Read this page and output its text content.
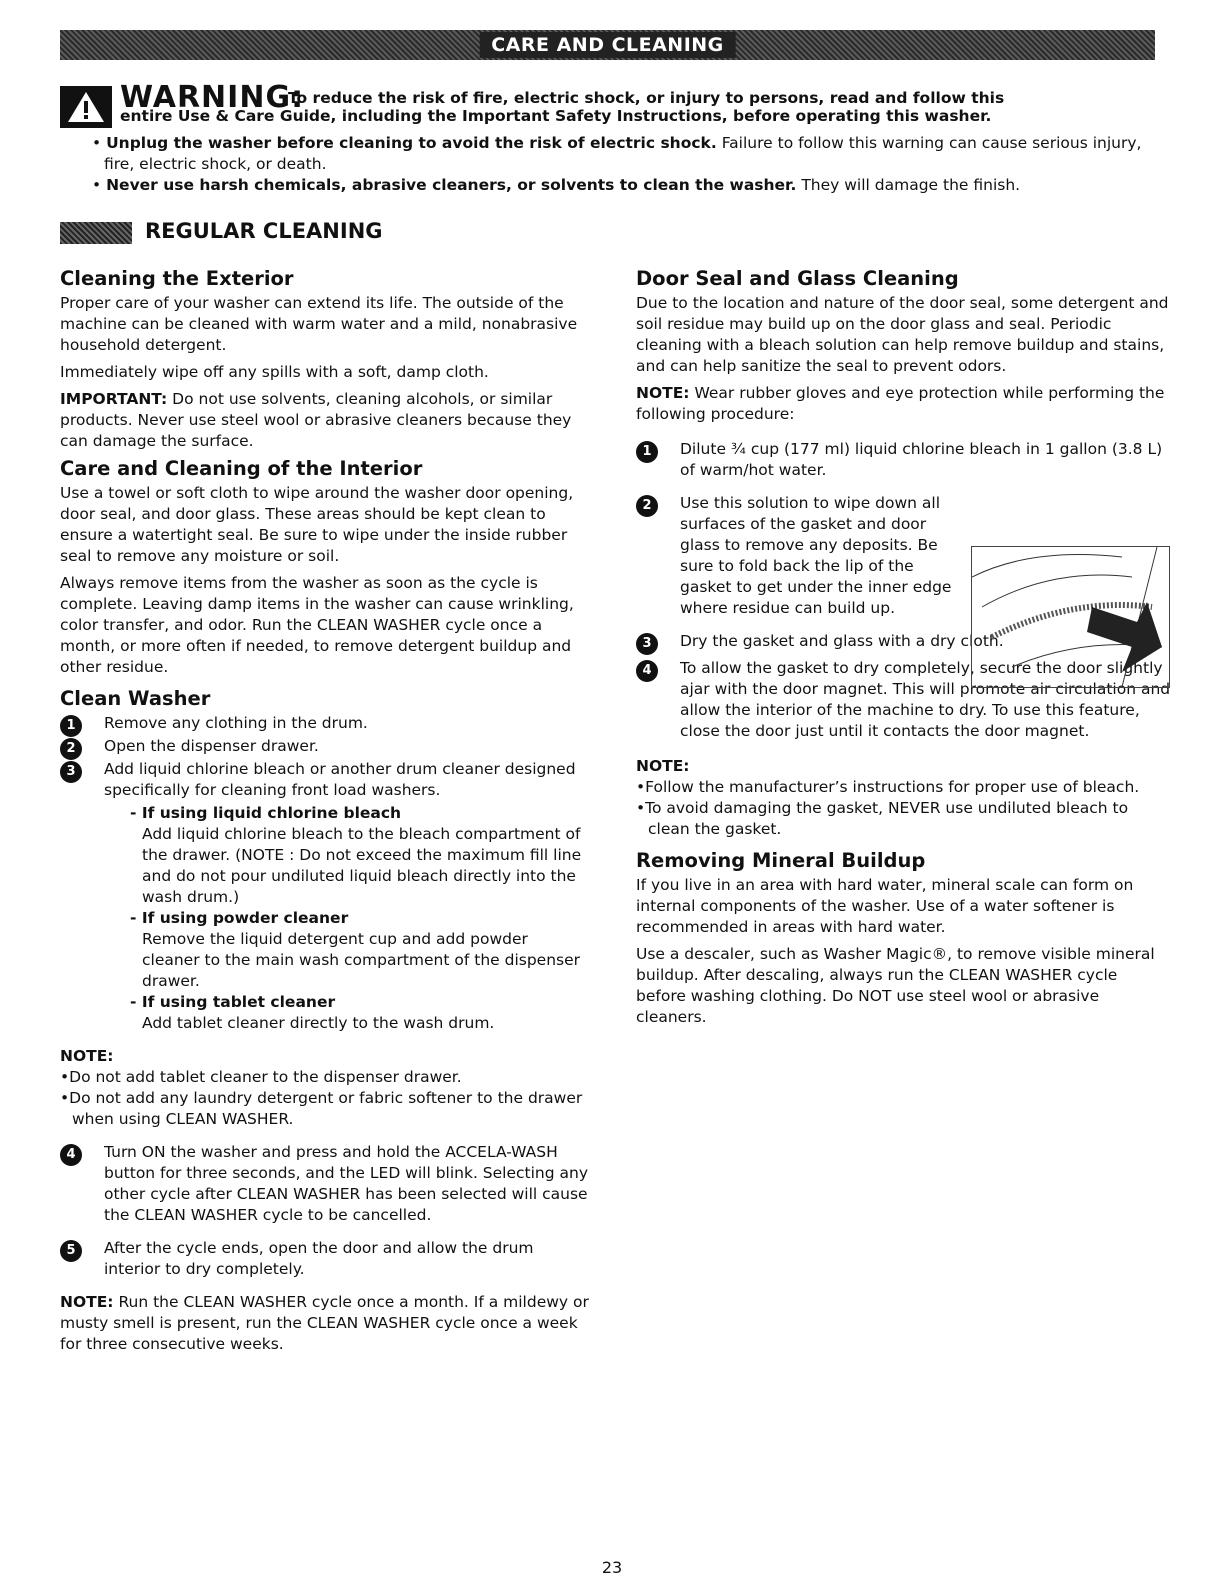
CARE AND CLEANING
WARNING:
To reduce the risk of fire, electric shock, or injury to persons, read and follow this
entire Use & Care Guide, including the Important Safety Instructions, before operating this washer.
• Unplug the washer before cleaning to avoid the risk of electric shock. Failure to follow this warning can cause serious injury, fire, electric shock, or death.
• Never use harsh chemicals, abrasive cleaners, or solvents to clean the washer. They will damage the finish.
REGULAR CLEANING
Cleaning the Exterior

Proper care of your washer can extend its life. The outside of the machine can be cleaned with warm water and a mild, nonabrasive household detergent.

Immediately wipe off any spills with a soft, damp cloth.

IMPORTANT: Do not use solvents, cleaning alcohols, or similar products. Never use steel wool or abrasive cleaners because they can damage the surface.

Care and Cleaning of the Interior

Use a towel or soft cloth to wipe around the washer door opening, door seal, and door glass. These areas should be kept clean to ensure a watertight seal. Be sure to wipe under the inside rubber seal to remove any moisture or soil.

Always remove items from the washer as soon as the cycle is complete. Leaving damp items in the washer can cause wrinkling, color transfer, and odor. Run the CLEAN WASHER cycle once a month, or more often if needed, to remove detergent buildup and other residue.

Clean Washer
1	Remove any clothing in the drum.
2	Open the dispenser drawer.
3	Add liquid chlorine bleach or another drum cleaner designed specifically for cleaning front load washers.
- If using liquid chlorine bleach
Add liquid chlorine bleach to the bleach compartment of the drawer. (NOTE : Do not exceed the maximum fill line and do not pour undiluted liquid bleach directly into the wash drum.)
- If using powder cleaner
Remove the liquid detergent cup and add powder cleaner to the main wash compartment of the dispenser drawer.
- If using tablet cleaner
Add tablet cleaner directly to the wash drum.
NOTE:
•Do not add tablet cleaner to the dispenser drawer.
•Do not add any laundry detergent or fabric softener to the drawer when using CLEAN WASHER.
4	Turn ON the washer and press and hold the ACCELA-WASH button for three seconds, and the LED will blink. Selecting any other cycle after CLEAN WASHER has been selected will cause the CLEAN WASHER cycle to be cancelled.
5	After the cycle ends, open the door and allow the drum interior to dry completely.

NOTE: Run the CLEAN WASHER cycle once a month. If a mildewy or musty smell is present, run the CLEAN WASHER cycle once a week for three consecutive weeks.

Door Seal and Glass Cleaning

Due to the location and nature of the door seal, some detergent and soil residue may build up on the door glass and seal. Periodic cleaning with a bleach solution can help remove buildup and stains, and can help sanitize the seal to prevent odors.

NOTE: Wear rubber gloves and eye protection while performing the following procedure:

1	Dilute ¾ cup (177 ml) liquid chlorine bleach in 1 gallon (3.8 L) of warm/hot water.
2	Use this solution to wipe down all surfaces of the gasket and door glass to remove any deposits. Be sure to fold back the lip of the gasket to get under the inner edge where residue can build up.
3	Dry the gasket and glass with a dry cloth.
4	To allow the gasket to dry completely, secure the door slightly ajar with the door magnet. This will promote air circulation and allow the interior of the machine to dry. To use this feature, close the door just until it contacts the door magnet.
NOTE:
•Follow the manufacturer’s instructions for proper use of bleach.
•To avoid damaging the gasket, NEVER use undiluted bleach to clean the gasket.
Removing Mineral Buildup

If you live in an area with hard water, mineral scale can form on internal components of the washer. Use of a water softener is recommended in areas with hard water.

Use a descaler, such as Washer Magic®, to remove visible mineral buildup. After descaling, always run the CLEAN WASHER cycle before washing clothing. Do NOT use steel wool or abrasive cleaners.

23
